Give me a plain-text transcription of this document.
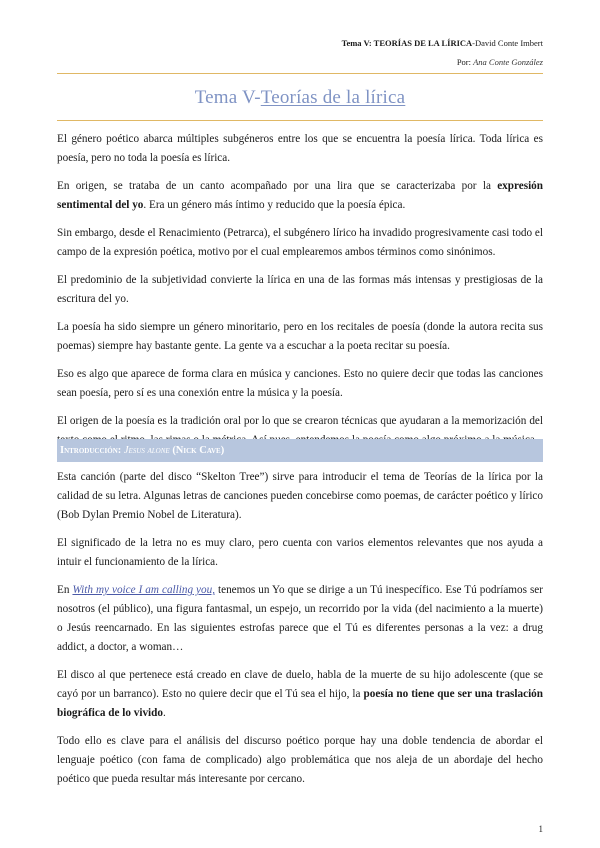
Tema V: TEORÍAS DE LA LÍRICA-David Conte Imbert
Por: Ana Conte González
Tema V-Teorías de la lírica

El género poético abarca múltiples subgéneros entre los que se encuentra la poesía lírica. Toda lírica es poesía, pero no toda la poesía es lírica.

En origen, se trataba de un canto acompañado por una lira que se caracterizaba por la expresión sentimental del yo. Era un género más íntimo y reducido que la poesía épica.

Sin embargo, desde el Renacimiento (Petrarca), el subgénero lírico ha invadido progresivamente casi todo el campo de la expresión poética, motivo por el cual emplearemos ambos términos como sinónimos.

El predominio de la subjetividad convierte la lírica en una de las formas más intensas y prestigiosas de la escritura del yo.

La poesía ha sido siempre un género minoritario, pero en los recitales de poesía (donde la autora recita sus poemas) siempre hay bastante gente. La gente va a escuchar a la poeta recitar su poesía.

Eso es algo que aparece de forma clara en música y canciones. Esto no quiere decir que todas las canciones sean poesía, pero sí es una conexión entre la música y la poesía.

El origen de la poesía es la tradición oral por lo que se crearon técnicas que ayudaran a la memorización del

Introducción: Jesus alone (Nick Cave)

Esta canción (parte del disco “Skelton Tree”) sirve para introducir el tema de Teorías de la lírica por la calidad de su letra. Algunas letras de canciones pueden concebirse como poemas, de carácter poético y lírico (Bob Dylan Premio Nobel de Literatura).

El significado de la letra no es muy claro, pero cuenta con varios elementos relevantes que nos ayuda a intuir el funcionamiento de la lírica.

En With my voice I am calling you, tenemos un Yo que se dirige a un Tú inespecífico. Ese Tú podríamos ser nosotros (el público), una figura fantasmal, un espejo, un recorrido por la vida (del nacimiento a la muerte) o Jesús reencarnado. En las siguientes estrofas parece que el Tú es diferentes personas a la vez: a drug addict, a doctor, a woman…

El disco al que pertenece está creado en clave de duelo, habla de la muerte de su hijo adolescente (que se cayó por un barranco). Esto no quiere decir que el Tú sea el hijo, la poesía no tiene que ser una traslación biográfica de lo vivido.

Todo ello es clave para el análisis del discurso poético porque hay una doble tendencia de abordar el lenguaje poético (con fama de complicado) algo problemática que nos aleja de un abordaje del hecho poético que pueda resultar más interesante por cercano.

1
